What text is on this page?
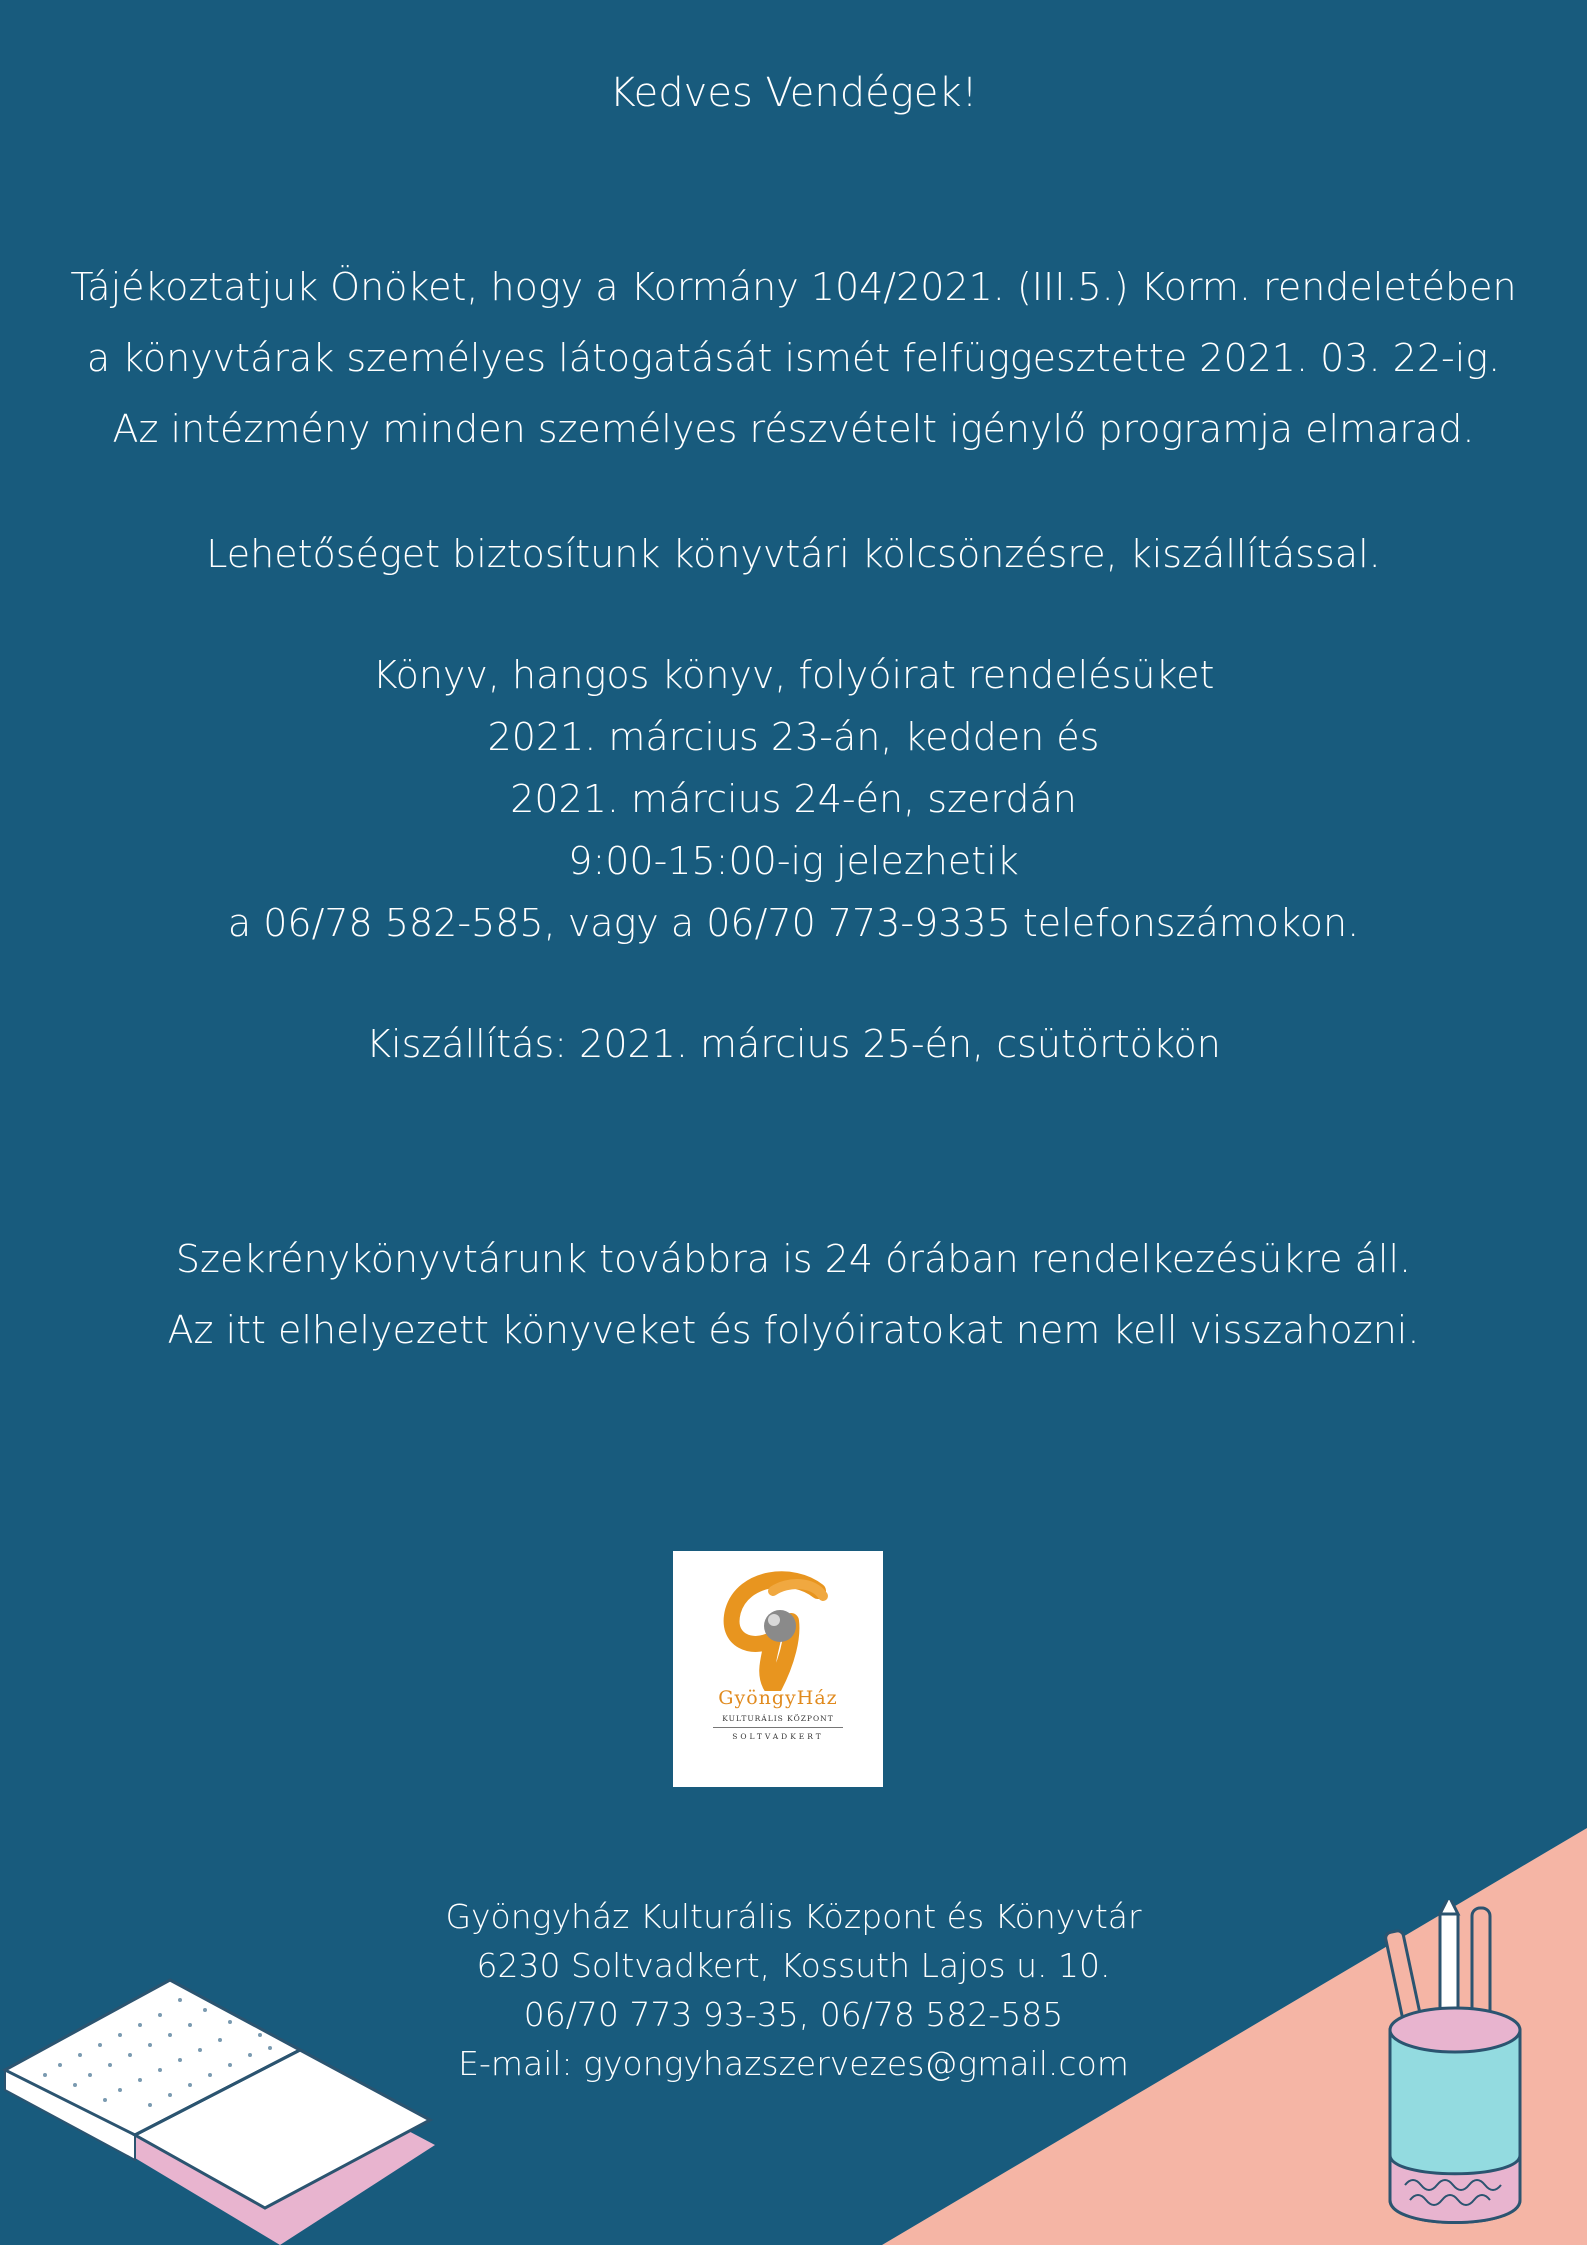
Kedves Vendégek!
Tájékoztatjuk Önöket, hogy a Kormány 104/2021. (III.5.) Korm. rendeletében
a könyvtárak személyes látogatását ismét felfüggesztette 2021. 03. 22-ig.
Az intézmény minden személyes részvételt igénylő programja elmarad.
Lehetőséget biztosítunk könyvtári kölcsönzésre, kiszállítással.
Könyv, hangos könyv, folyóirat rendelésüket
2021. március 23-án, kedden és
2021. március 24-én, szerdán
9:00-15:00-ig jelezhetik
a 06/78 582-585, vagy a 06/70 773-9335 telefonszámokon.
Kiszállítás: 2021. március 25-én, csütörtökön
Szekrénykönyvtárunk továbbra is 24 órában rendelkezésükre áll.
Az itt elhelyezett könyveket és folyóiratokat nem kell visszahozni.
GyöngyHáz
KULTURÁLIS KÖZPONT
SOLTVADKERT
Gyöngyház Kulturális Központ és Könyvtár
6230 Soltvadkert, Kossuth Lajos u. 10.
06/70 773 93-35, 06/78 582-585
E-mail: gyongyhazszervezes@gmail.com
